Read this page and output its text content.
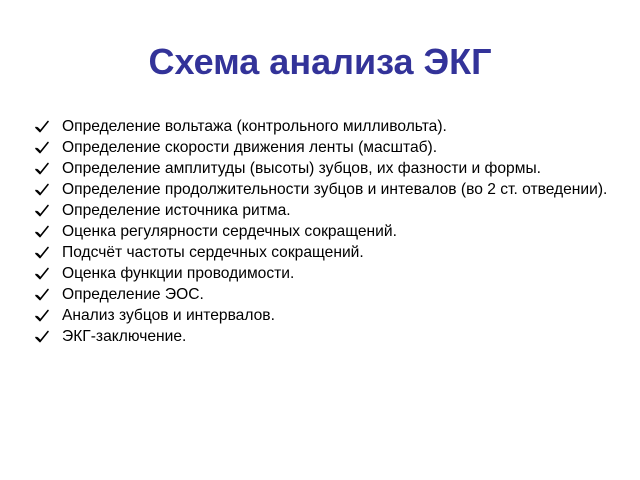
Схема анализа ЭКГ
Определение вольтажа (контрольного милливольта).
Определение скорости движения ленты (масштаб).
Определение амплитуды (высоты) зубцов, их фазности и формы.
Определение продолжительности зубцов и интевалов (во 2 ст. отведении).
Определение источника ритма.
Оценка регулярности сердечных сокращений.
Подсчёт частоты сердечных сокращений.
Оценка функции проводимости.
Определение ЭОС.
Анализ зубцов и интервалов.
ЭКГ-заключение.
